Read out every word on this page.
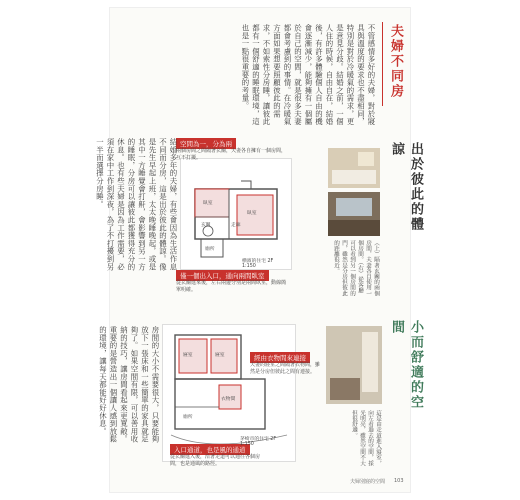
夫婦不同房
不管感情多好的夫婦，對於寢具與溫度的要求也不盡相同，特別是對於冷暖氣的需求，更是意見分歧。結婚之前，一個人住的時候，自由自在，結婚後，有許多體驗個人自由的機會逐漸減少，能夠擁有一個屬於自己的空間，就是很多夫妻都會考慮到的事情。在冷暖氣方面如果想要照顧彼此的需求，不如索性分房睡，讓彼此都有一個舒適的睡眠環境，這也是一點很重要的考量。
臥室
臥室
玄關	走廊
廁所
空間為一，分為兩
兩個房間之間隔著玄關，夫妻各自擁有一個房間，互不打擾。
僅一個出入口，通向兩間臥室
從玄關進來後，左右兩邊分別是兩間臥室，動線簡單明確。
横濱的住宅 2F
1:150
結婚多年的夫婦，有些會因為生活作息不同而分房，這是出於彼此的體諒。像是先生早起上班，太太晚睡晚起，或是其中一方睡覺會打鼾，會影響到另一方的睡眠，分房可以讓彼此都獲得充分的休息。也有些夫婦是因為工作需要，必須在家中工作到深夜，為了不打擾到另一半而選擇分房睡。	出於彼此的體諒
（上）隔著玄關的兩個房間，夫妻各自使用一個房間。（右）從客廳可以看到另一個房間的門，雖然是分房但彼此的距離很近。
寢室	寢室
衣物間
廁所
經由衣物間來連接
夫妻的寢室之間隔著衣物間，雖然是分房但彼此之間有連接。
入口通道，也是風的通道
從玄關進入後，沿著走道可以通往各個房間，也是通風的路徑。
茅崎市的住宅 2F
1:150
房間的大小不需要很大，只要能夠放下一張床和一些簡單的家具就足夠了。如果空間有限，可以善用收納的技巧，讓房間看起來更寬敞。重要的是營造出一個讓人感到放鬆的環境，讓每天都能好好休息。	小而舒適的空間
這是由走道進入寢室，向左看過去的空間，採光明亮，雖然空間不大但很舒適。
夫婦別寢的空間 103
